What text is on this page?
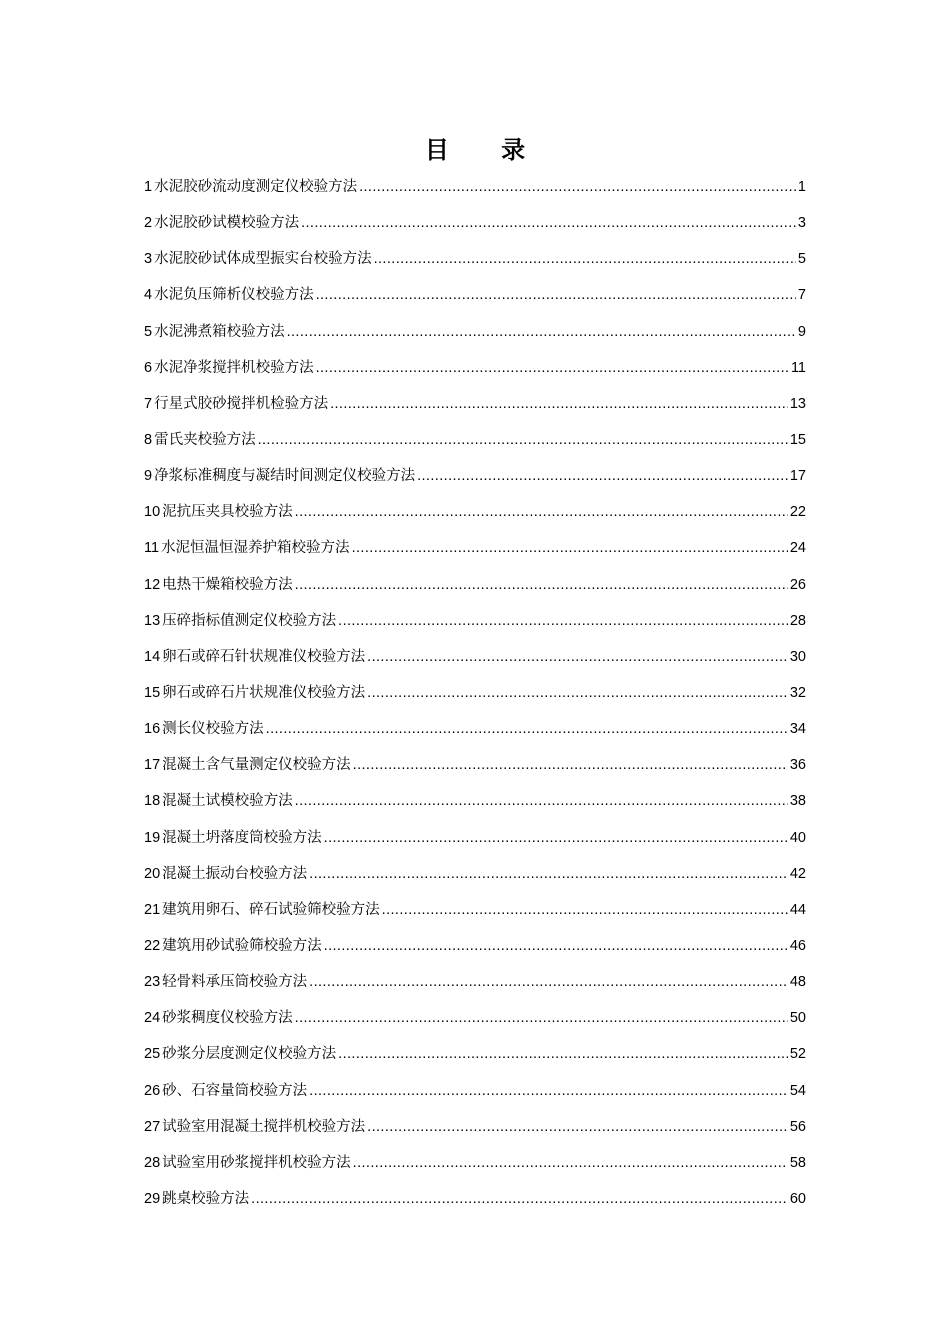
目 录
1 水泥胶砂流动度测定仪校验方法 .....	1
2 水泥胶砂试模校验方法 .....	3
3 水泥胶砂试体成型振实台校验方法 .....	5
4 水泥负压筛析仪校验方法 .....	7
5 水泥沸煮箱校验方法 .....	9
6 水泥净浆搅拌机校验方法 .....	11
7 行星式胶砂搅拌机检验方法 .....	13
8 雷氏夹校验方法 .....	15
9 净浆标准稠度与凝结时间测定仪校验方法 .....	17
10 泥抗压夹具校验方法 .....	22
11 水泥恒温恒湿养护箱校验方法 .....	24
12 电热干燥箱校验方法 .....	26
13 压碎指标值测定仪校验方法 .....	28
14 卵石或碎石针状规准仪校验方法 .....	30
15 卵石或碎石片状规准仪校验方法 .....	32
16 测长仪校验方法 .....	34
17 混凝土含气量测定仪校验方法 .....	36
18 混凝土试模校验方法 .....	38
19 混凝土坍落度筒校验方法 .....	40
20 混凝土振动台校验方法 .....	42
21 建筑用卵石、碎石试验筛校验方法 .....	44
22 建筑用砂试验筛校验方法 .....	46
23 轻骨料承压筒校验方法 .....	48
24 砂浆稠度仪校验方法 .....	50
25 砂浆分层度测定仪校验方法 .....	52
26 砂、石容量筒校验方法 .....	54
27 试验室用混凝土搅拌机校验方法 .....	56
28 试验室用砂浆搅拌机校验方法 .....	58
29 跳桌校验方法 .....	60
